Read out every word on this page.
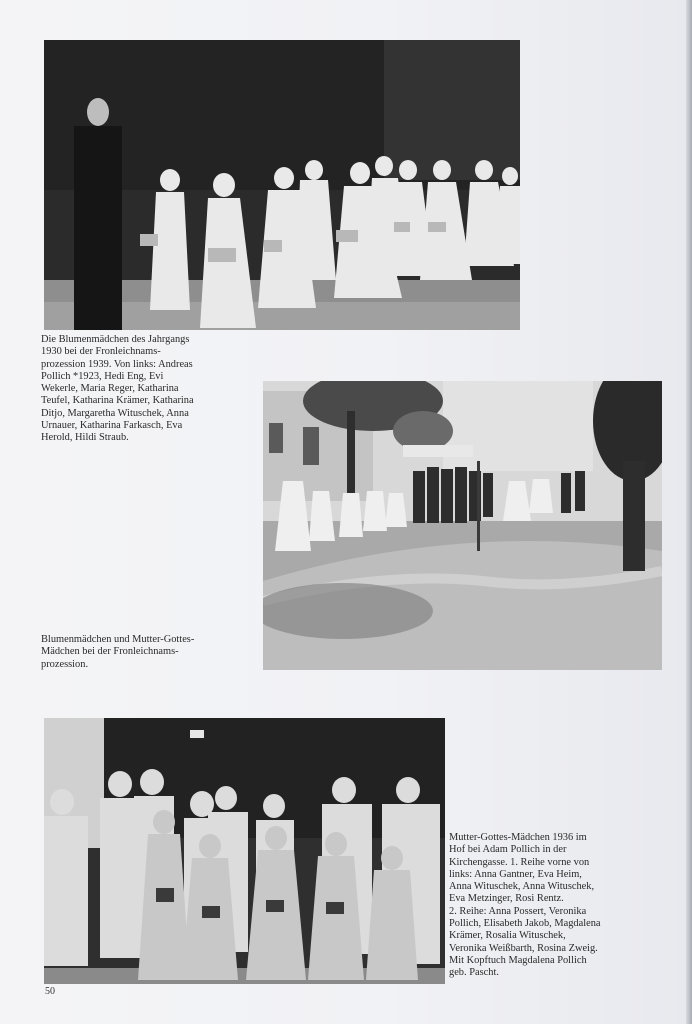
Die Blumenmädchen des Jahrgangs
1930 bei der Fronleichnams-
prozession 1939. Von links: Andreas
Pollich *1923, Hedi Eng, Evi
Wekerle, Maria Reger, Katharina
Teufel, Katharina Krämer, Katharina
Ditjo, Margaretha Wituschek, Anna
Urnauer, Katharina Farkasch, Eva
Herold, Hildi Straub.
Blumenmädchen und Mutter-Gottes-
Mädchen bei der Fronleichnams-
prozession.
Mutter-Gottes-Mädchen 1936 im
Hof bei Adam Pollich in der
Kirchengasse. 1. Reihe vorne von
links: Anna Gantner, Eva Heim,
Anna Wituschek, Anna Wituschek,
Eva Metzinger, Rosi Rentz.
2. Reihe: Anna Possert, Veronika
Pollich, Elisabeth Jakob, Magdalena
Krämer, Rosalia Wituschek,
Veronika Weißbarth, Rosina Zweig.
Mit Kopftuch Magdalena Pollich
geb. Pascht.
50
